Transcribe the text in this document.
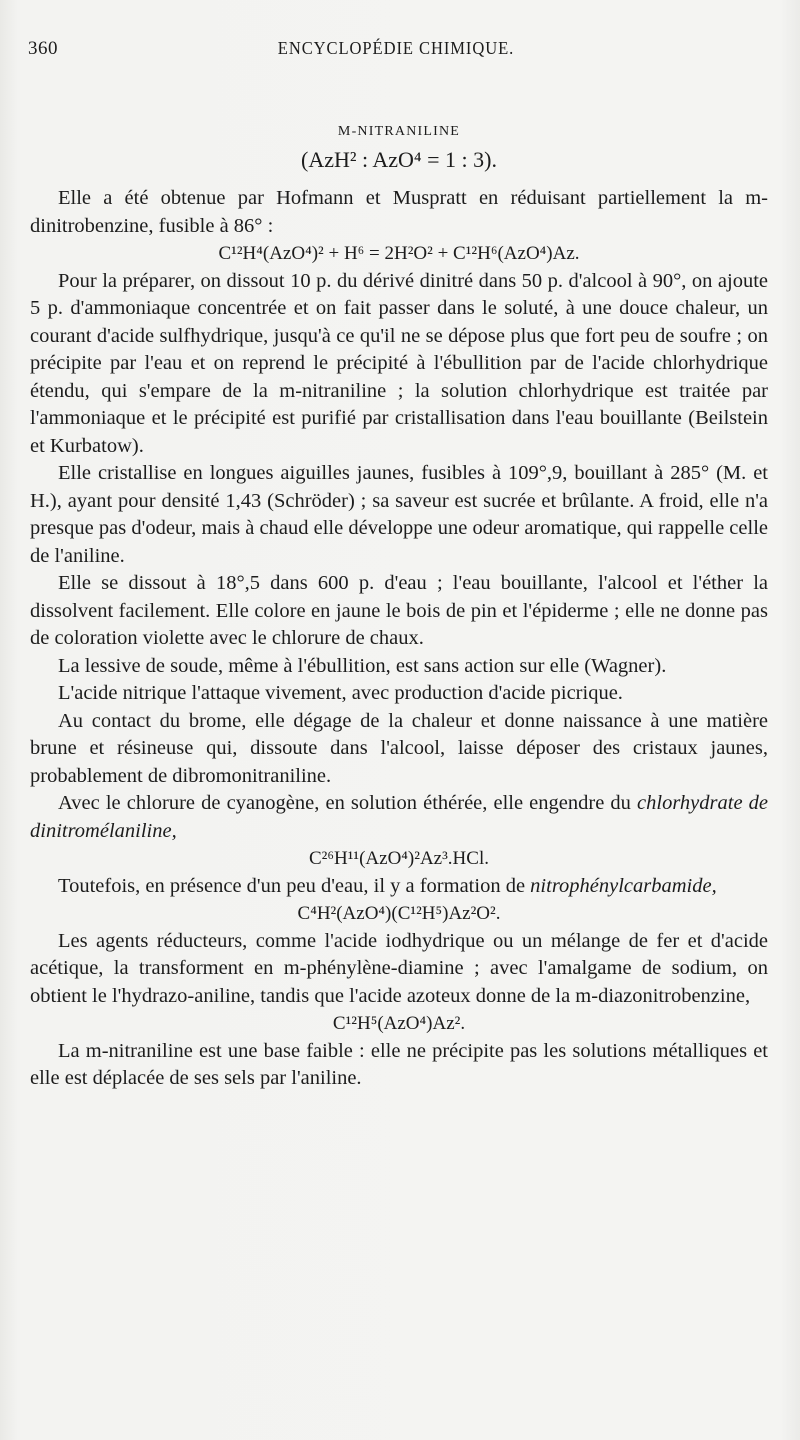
360	ENCYCLOPÉDIE CHIMIQUE.

M-NITRANILINE

(AzH² : AzO⁴ = 1 : 3).

Elle a été obtenue par Hofmann et Muspratt en réduisant partiellement la m-dinitrobenzine, fusible à 86° :

C¹²H⁴(AzO⁴)² + H⁶ = 2H²O² + C¹²H⁶(AzO⁴)Az.

Pour la préparer, on dissout 10 p. du dérivé dinitré dans 50 p. d'alcool à 90°, on ajoute 5 p. d'ammoniaque concentrée et on fait passer dans le soluté, à une douce chaleur, un courant d'acide sulfhydrique, jusqu'à ce qu'il ne se dépose plus que fort peu de soufre ; on précipite par l'eau et on reprend le précipité à l'ébullition par de l'acide chlorhydrique étendu, qui s'empare de la m-nitraniline ; la solution chlorhydrique est traitée par l'ammoniaque et le précipité est purifié par cristallisation dans l'eau bouillante (Beilstein et Kurbatow).

Elle cristallise en longues aiguilles jaunes, fusibles à 109°,9, bouillant à 285° (M. et H.), ayant pour densité 1,43 (Schröder) ; sa saveur est sucrée et brûlante. A froid, elle n'a presque pas d'odeur, mais à chaud elle développe une odeur aromatique, qui rappelle celle de l'aniline.

Elle se dissout à 18°,5 dans 600 p. d'eau ; l'eau bouillante, l'alcool et l'éther la dissolvent facilement. Elle colore en jaune le bois de pin et l'épiderme ; elle ne donne pas de coloration violette avec le chlorure de chaux.

La lessive de soude, même à l'ébullition, est sans action sur elle (Wagner).

L'acide nitrique l'attaque vivement, avec production d'acide picrique.

Au contact du brome, elle dégage de la chaleur et donne naissance à une matière brune et résineuse qui, dissoute dans l'alcool, laisse déposer des cristaux jaunes, probablement de dibromonitraniline.

Avec le chlorure de cyanogène, en solution éthérée, elle engendre du chlorhydrate de dinitromélaniline,

C²⁶H¹¹(AzO⁴)²Az³.HCl.

Toutefois, en présence d'un peu d'eau, il y a formation de nitrophénylcarbamide,

C⁴H²(AzO⁴)(C¹²H⁵)Az²O².

Les agents réducteurs, comme l'acide iodhydrique ou un mélange de fer et d'acide acétique, la transforment en m-phénylène-diamine ; avec l'amalgame de sodium, on obtient le l'hydrazo-aniline, tandis que l'acide azoteux donne de la m-diazonitrobenzine,

C¹²H⁵(AzO⁴)Az².

La m-nitraniline est une base faible : elle ne précipite pas les solutions métalliques et elle est déplacée de ses sels par l'aniline.
